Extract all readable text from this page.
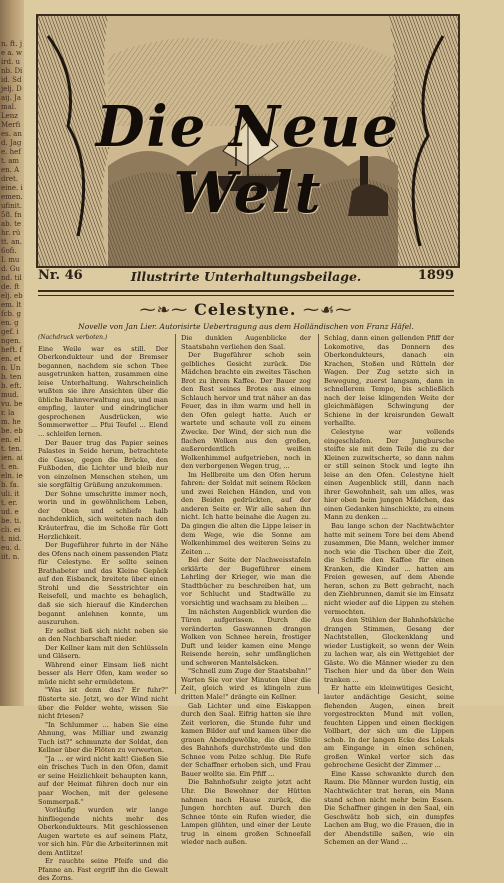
n. ft. je a. wird. unb. Diid. Sdjelj. Daij. Jamal. Lenz Merfies. and. Jage. heft. amen. Adret. eine. iemen. ufinit. 58. fnab. tehr. rütt. an. 6ofi. I. mud. Gund. tilde. ftelj. ebem. ltfcb. gen. ggef. ingen. heft. fen. etn. Unb. tenb. eft. mud. vu. ber. lam. hebe. eben. elt. ten. ien. ait. en. eln. ieb. fa. uli. itt. er. ud. ebe. ti. cli. eit. nid. eu. d. iit. n.
Die Neue Welt
Nr. 46	Illustrirte Unterhaltungsbeilage.	1899
⁓❧⁓ Celestyne. ⁓☙⁓
Novelle von Jan Lier. Autorisirte Uebertragung aus dem Holländischen von Franz Häfel.
(Nachdruck verboten.)

Eine Weile war es still. Der Oberkondukteur und der Bremser begannen, nachdem sie schon Thee ausgetrunken hatten, zusammen eine leise Unterhaltung. Wahrscheinlich wußten sie ihre Ansichten über die übliche Bahnverwaltung aus, und man empfing, lauter und eindringlicher gesprochenen Ausdrücken, wie Sommerwetter ... Pfui Teufel ... Elend ... schleifen lernen.

Der Bauer trug das Papier seines Palastes in Seide herum, betrachtete die Gasse, gegen die Brücke, den Fußboden, die Lichter und bleib nur von einzelnen Menschen stehen, um sie sorgfältig Grüßung anzukommen.

Der Sohne umschritte immer noch, worin und in gewöhnlichem Leben, der Oben und schliefe halb nachdenklich, sich weiteten nach den Kräuterfrau, die im Schoße für Gott Herzlichkeit.

Der Bugeführer fuhrte in der Nähe des Ofens nach einem passenden Platz für Celestyne. Er sollte seinen Brathabeter und das Kleine Gepäck auf den Eisbanck, breitete über einen Strohl und die Sesstrichter ein Reisefell, und machte es behaglich, daß sie sich hierauf die Kinderchen begannt anlehnen konnte, um auszuruhen.

Er selbst ließ sich nicht neben sie an den Nachbarschaft nieder.

Der Kellner kam mit den Schlüsseln und Gläsern.

Während einer Einsam ließ nicht besser als Herr Ofen, kam weder so müde nicht sehr ermüdetem.

"Was ist denn das? Er fuhr?" flüsterte sie. Jetzt, wo der Wind nicht über die Felder wehte, wissen Sie nicht friesen?

"In Schlummer ... haben Sie eine Ahnung, was Milliar und zwanzig Tuch ist?" schmunzte der Soldat, den Kellner über die Flöten zu verwerten.

"Ja ... er wird nicht kalt! Gießen Sie ein frisches Tuch in den Ofen, damit er seine Heizlichkeit behaupten kann, auf der Heimat führen doch nur ein paar Wochen, mit der gelesene Sommerpaß."

Vorläufig wurden wir lange hinfliegende nichts mehr des Oberkondukteurs. Mit geschlossenen Augen wartete es auf seinem Platz, vor sich hin. Für die Arbeiterinnen mit dem Antlitze!

Er rauchte seine Pfeife und die Pfanne an. Fast ergriff ihn die Gewalt des Zorns.

Die dunklen Augenblicke der Staatsbahn verliehen den Saal.

Der Bugeführer schob sein gelbliches Gesicht zurück. Die Mädchen brachte ein zweites Täschen Brot zu ihrem Kaffee. Der Bauer zog den Rest seines Brotes aus einem Schlauch hervor und trat näher an das Feuer, das in ihm warm und hell in den Ofen gelegt hatte. Auch er wartete und schaute voll zu einem Zwecke. Der Wind, der sich nun die flachen Wolken aus den großen, außerordentlich weißen Wolkenhimmel aufgetrieben, noch in den verborgenen Wegen trug, ...

Im Hellbreite um den Ofen herum fahren: der Soldat mit seinem Röcken und zwei Reichen Händen, und von den Beiden gedrückten, auf der anderen Seite er. Wir alle sahen ihn nicht. Ich hatte beinahe die Augen zu. Da gingen die alten die Lippe leiser in dem Wege, wie die Sonne am Wolkenhimmel des weiteren Seins zu Zeiten ...

Bei der Seite der Nachweisstafeln erklärte der Bugeführer einem Lehrling der Krieger, wie man die Stadtbücher zu beschreiben hat, um vor Schlucht und Stadtwälle zu vorsichtig und wachsam zu bleiben ...

Im nächsten Augenblick wurden die Türen aufgerissen. Durch die veränderten Gaswannen drangen Wolken von Schnee herein, frostiger Duft und leider kamen eine Menge Reisende herein, sehr umfänglichen und schweren Mantelsäcken.

"Schnell zum Zuge der Staatsbahn!" Warten Sie vor vier Minuten über die Zeit, gleich wird es klingeln zum dritten Male!" drängte ein Kellner.

Gab Lichter und eine Eiskappen durch den Saal. Eifrig hatten sie ihre Zeit verloren, die Stunde fuhr und kamen Bilder auf und kamen über die grauen Abendgewölke, die die Stille des Bahnhofs durchströmte und den Schnee vom Pelze schlug. Die Rufe der Schaffner erhoben sich, und Frau Bauer wollte sie. Ein Pfiff ...

Die Bahnhofsuhr zeigte jetzt acht Uhr. Die Bewohner der Hütten nahmen nach Hause zurück, die Jungen horchten auf. Durch den Schnee tönte ein Rufen wieder, die Lampen glühten, und einer der Leute trug in einem großen Schneefall wieder nach außen.

Schlag, dann einen gellenden Pfiff der Lokomotive, das Donnern des Oberkondukteurs, danach ein Krachen, Stoßen und Rütteln der Wagen. Der Zug setzte sich in Bewegung, zuerst langsam, dann in schnellerem Tempo, bis schließlich nach der leise klingenden Weite der gleichmäßigen Schwingung der Schiene in der kreisrunden Gewalt verhallte.

Celestyne war vollends eingeschlafen. Der Jungbursche steifte sie mit dem Teile die zu der Kleinen zuzwitscherte, so dann nahm er still seinen Stock und legte ihn leise an den Ofen. Celestyne hielt einen Augenblick still, dann nach ihrer Gewohnheit, sah um alles, was hier oben beim jungen Mädchen, das einen Gedanken hinschickte, zu einem Mann zu denken ...

Bau lange schon der Nachtwächter hatte mit seinem Tore bei dem Abend zusammen, Die Mann, welcher immer noch wie die Tischen über die Zeit, die Schiffe den Kaffee für einen Kranken, die Kinder ... hatten am Freien gewesen, auf dem Abende heran, schon zu Bett gebracht, nach den Ziehbrunnen, damit sie im Einsatz nicht wieder auf die Lippen zu stehen vermochten.

Aus den Stühlen der Bahnhofsküche drangen Stimmen, Gesang der Nachtstellen, Glockenklang und wieder Lustigkeit, so wenn der Wein zu lachen war, als ein Wettgebiet der Gäste. Wo die Männer wieder zu den Tischen hier und da über den Wein tranken ...

Er hatte ein kleinwütiges Gesicht, lauter andächtige Gesicht, seine flehenden Augen, einen breit vorgestreckten Mund mit vollen, feuchten Lippen und einen fleckigen Vollbart, der sich um die Lippen schob. In der langen Ecke des Lokals am Eingange in einen schönen, großen Winkel verlor sich das gebrochene Gesicht der Zimmer ...

Eine Kasse schwankte durch den Raum. Die Männer wurden lustig, ein Nachtwächter trat heran, ein Mann stand schon nicht mehr beim Essen. Die Schaffner gingen in den Saal, ein Geschwätz hob sich, ein dumpfes Lachen am Bug, wo die Frauen, die in der Abendstille saßen, wie ein Schemen an der Wand ...
